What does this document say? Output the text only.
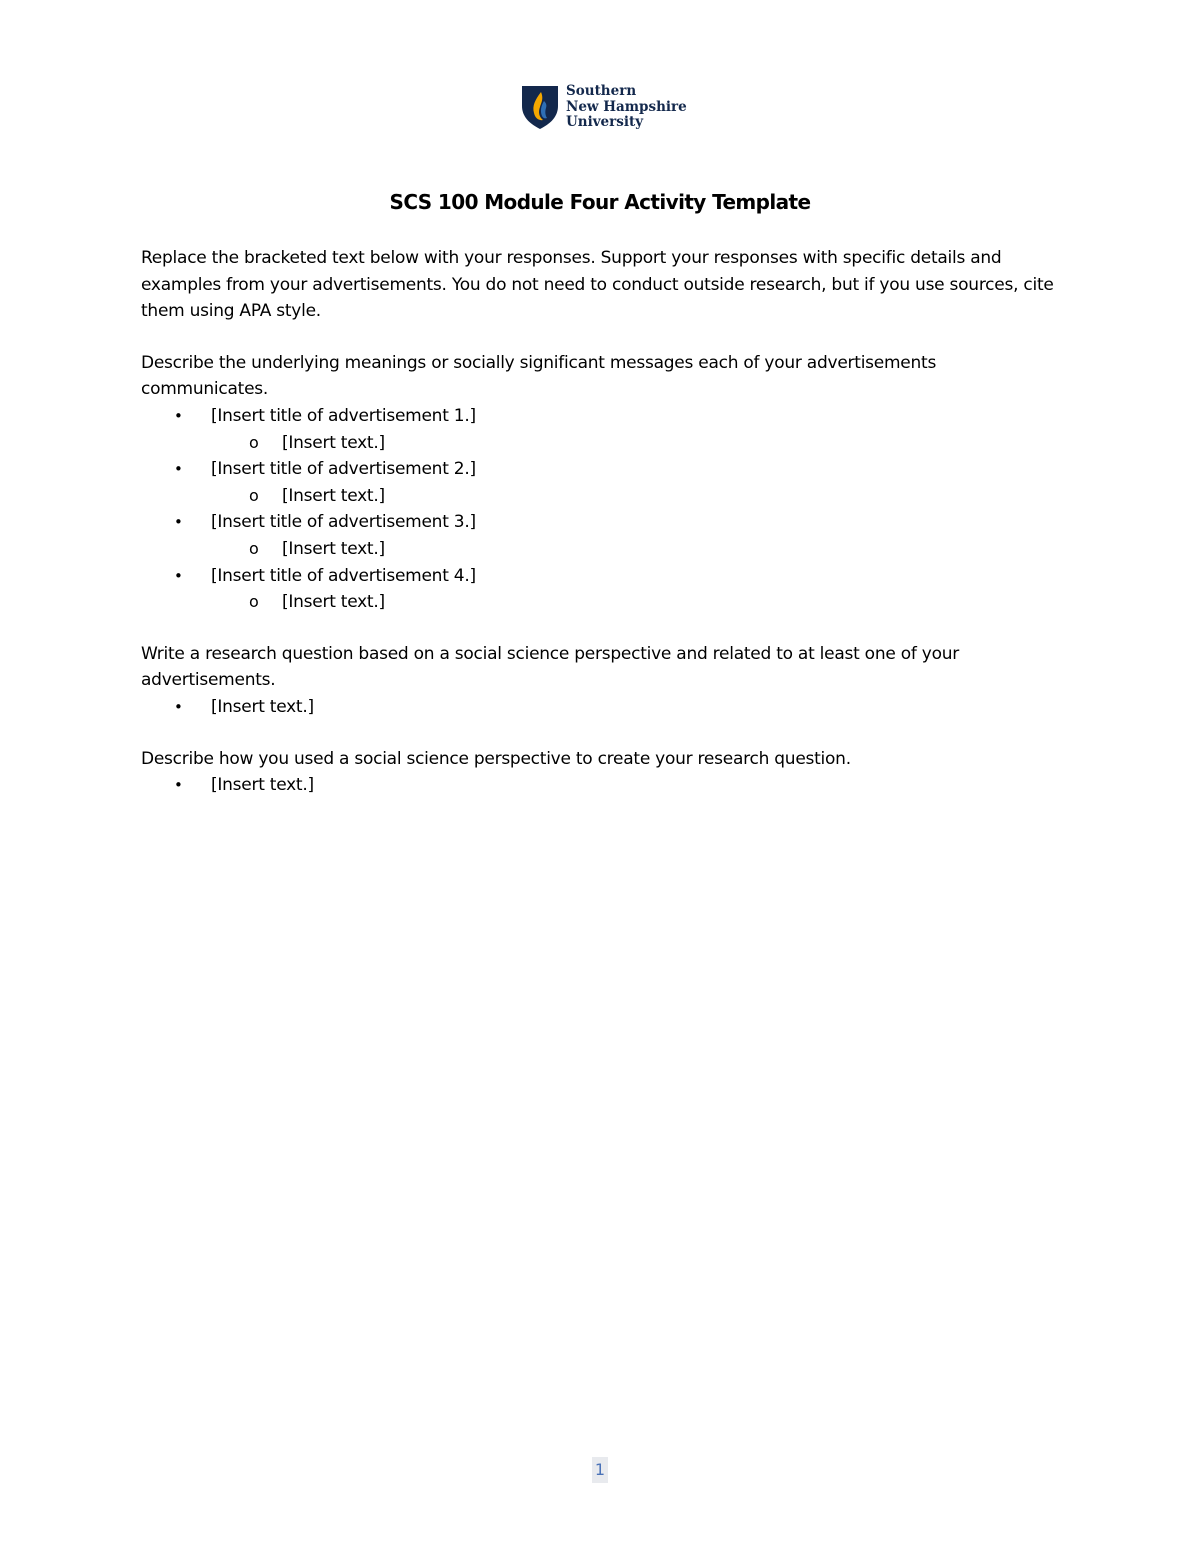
Southern
New Hampshire
University
SCS 100 Module Four Activity Template

Replace the bracketed text below with your responses. Support your responses with specific details and examples from your advertisements. You do not need to conduct outside research, but if you use sources, cite them using APA style.

Describe the underlying meanings or socially significant messages each of your advertisements communicates.

• [Insert title of advertisement 1.]
o [Insert text.]
• [Insert title of advertisement 2.]
o [Insert text.]
• [Insert title of advertisement 3.]
o [Insert text.]
• [Insert title of advertisement 4.]
o [Insert text.]

Write a research question based on a social science perspective and related to at least one of your advertisements.

• [Insert text.]

Describe how you used a social science perspective to create your research question.

• [Insert text.]
1
